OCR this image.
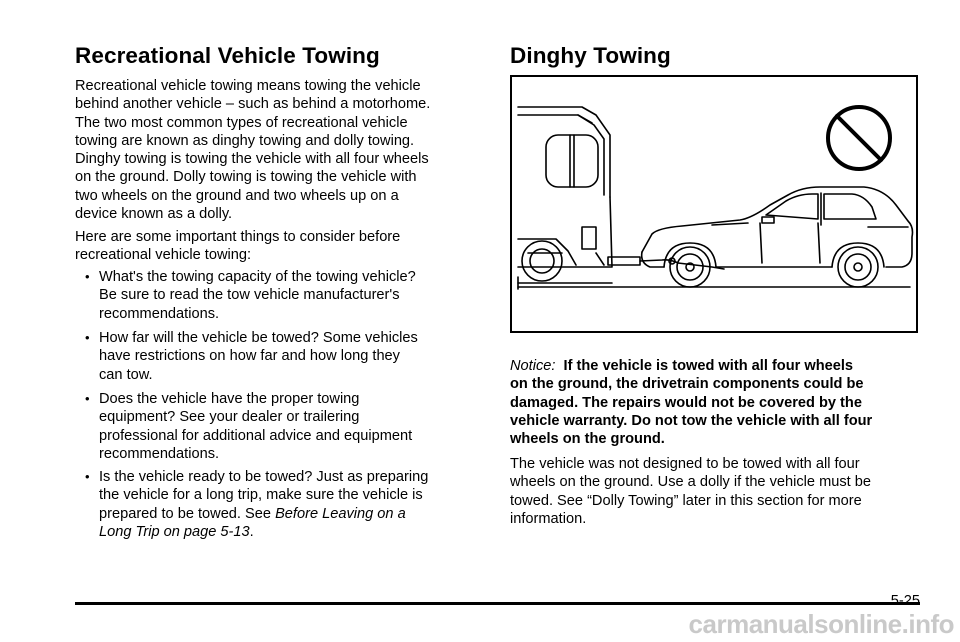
Recreational Vehicle Towing

Recreational vehicle towing means towing the vehicle
behind another vehicle – such as behind a motorhome.
The two most common types of recreational vehicle
towing are known as dinghy towing and dolly towing.
Dinghy towing is towing the vehicle with all four wheels
on the ground. Dolly towing is towing the vehicle with
two wheels on the ground and two wheels up on a
device known as a dolly.

Here are some important things to consider before
recreational vehicle towing:

• What's the towing capacity of the towing vehicle?
Be sure to read the tow vehicle manufacturer's
recommendations.
• How far will the vehicle be towed? Some vehicles
have restrictions on how far and how long they
can tow.
• Does the vehicle have the proper towing
equipment? See your dealer or trailering
professional for additional advice and equipment
recommendations.
• Is the vehicle ready to be towed? Just as preparing
the vehicle for a long trip, make sure the vehicle is
prepared to be towed. See Before Leaving on a
Long Trip on page 5‑13.
Dinghy Towing

Notice: If the vehicle is towed with all four wheels
on the ground, the drivetrain components could be
damaged. The repairs would not be covered by the
vehicle warranty. Do not tow the vehicle with all four
wheels on the ground.

The vehicle was not designed to be towed with all four
wheels on the ground. Use a dolly if the vehicle must be
towed. See “Dolly Towing” later in this section for more
information.

5-25
carmanualsonline.info
